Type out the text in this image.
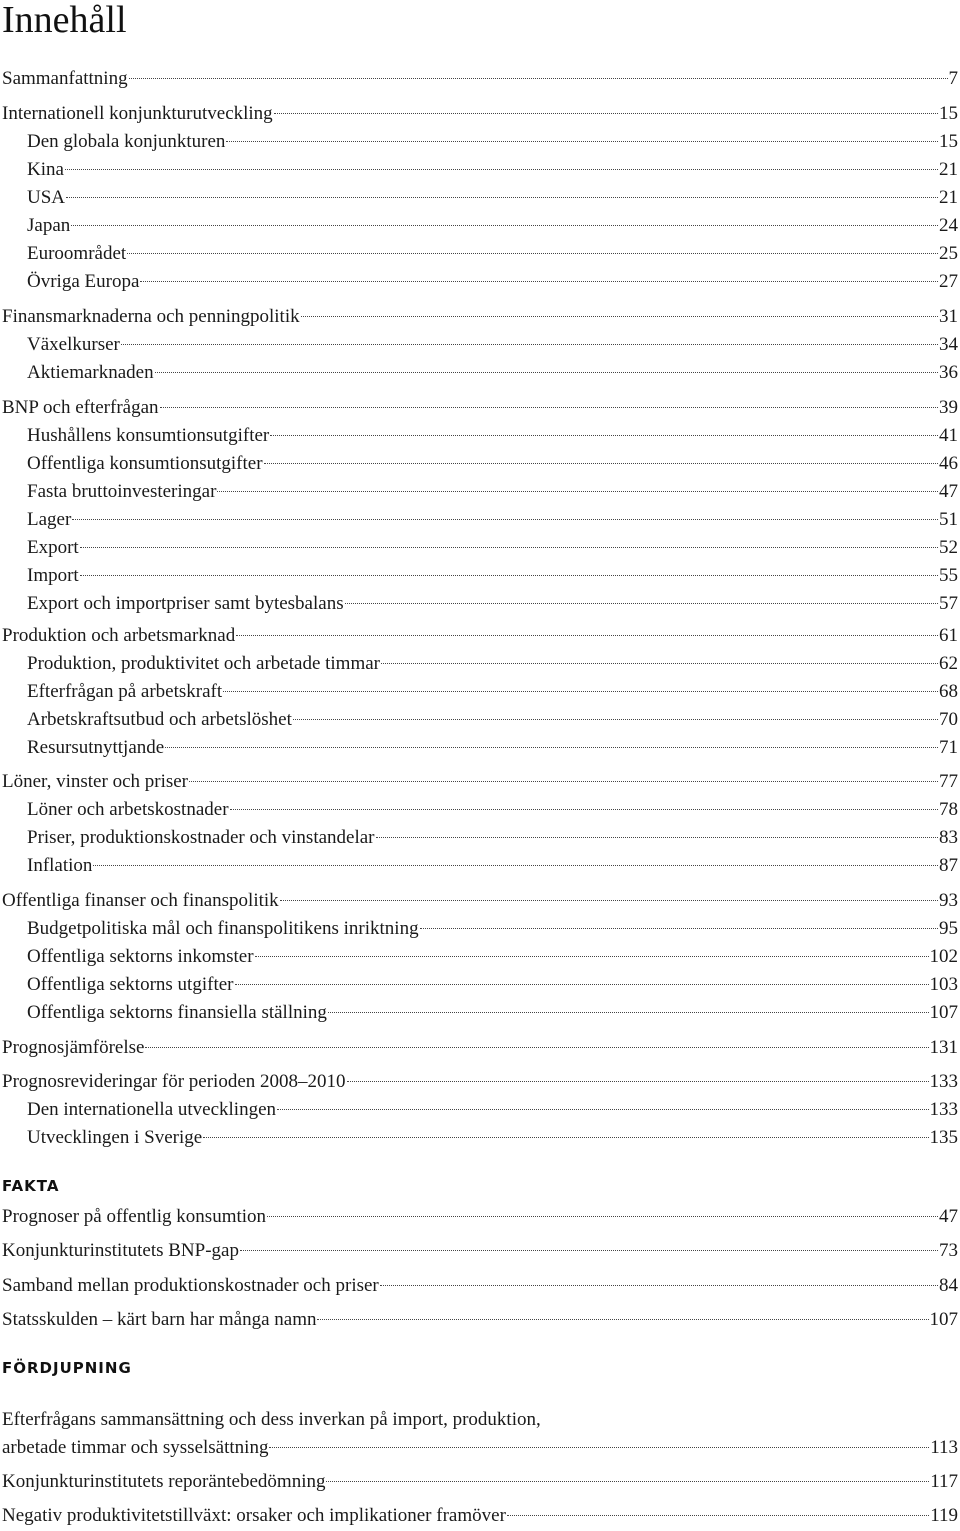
Innehåll
Sammanfattning	7
Internationell konjunkturutveckling	15
Den globala konjunkturen	15
Kina	21
USA	21
Japan	24
Euroområdet	25
Övriga Europa	27
Finansmarknaderna och penningpolitik	31
Växelkurser	34
Aktiemarknaden	36
BNP och efterfrågan	39
Hushållens konsumtionsutgifter	41
Offentliga konsumtionsutgifter	46
Fasta bruttoinvesteringar	47
Lager	51
Export	52
Import	55
Export och importpriser samt bytesbalans	57
Produktion och arbetsmarknad	61
Produktion, produktivitet och arbetade timmar	62
Efterfrågan på arbetskraft	68
Arbetskraftsutbud och arbetslöshet	70
Resursutnyttjande	71
Löner, vinster och priser	77
Löner och arbetskostnader	78
Priser, produktionskostnader och vinstandelar	83
Inflation	87
Offentliga finanser och finanspolitik	93
Budgetpolitiska mål och finanspolitikens inriktning	95
Offentliga sektorns inkomster	102
Offentliga sektorns utgifter	103
Offentliga sektorns finansiella ställning	107
Prognosjämförelse	131
Prognosrevideringar för perioden 2008–2010	133
Den internationella utvecklingen	133
Utvecklingen i Sverige	135
FAKTA
Prognoser på offentlig konsumtion	47
Konjunkturinstitutets BNP-gap	73
Samband mellan produktionskostnader och priser	84
Statsskulden – kärt barn har många namn	107
FÖRDJUPNING
Efterfrågans sammansättning och dess inverkan på import, produktion,
arbetade timmar och sysselsättning	113
Konjunkturinstitutets reporäntebedömning	117
Negativ produktivitetstillväxt: orsaker och implikationer framöver	119
